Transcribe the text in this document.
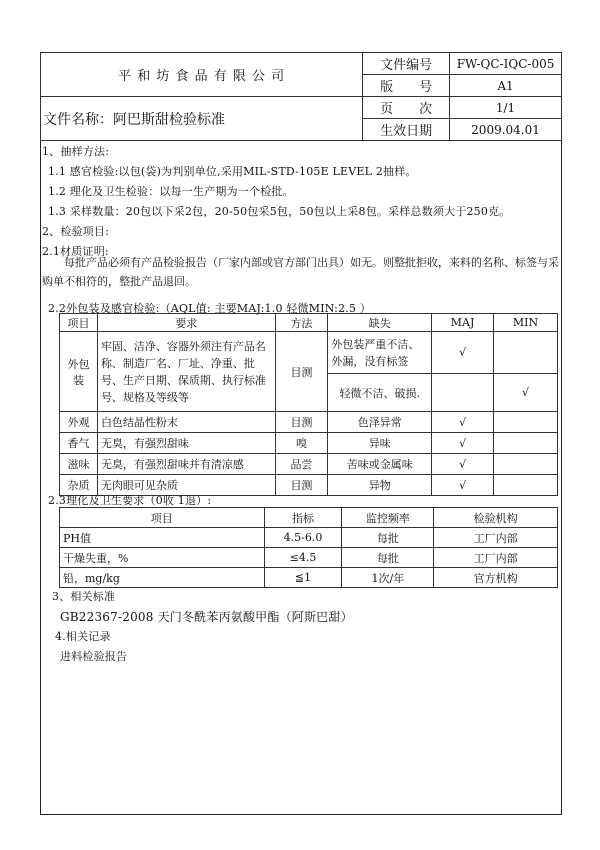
平 和 坊 食 品 有 限 公 司	文件编号	FW-QC-IQC-005
	版　　号	A1
文件名称：阿巴斯甜检验标准	页　　次	1/1
	生效日期	2009.04.01
1、抽样方法:
1.1 感官检验:以包(袋)为判别单位,采用MIL-STD-105E LEVEL 2抽样。
1.2 理化及卫生检验：以每一生产期为一个检批。
1.3 采样数量：20包以下采2包，20-50包采5包，50包以上采8包。采样总数须大于250克。
2、检验项目:
2.1材质证明:
每批产品必须有产品检验报告（厂家内部或官方部门出具）如无。则整批拒收，来料的名称、标签与采购单不相符的，整批产品退回。
2.2外包装及感官检验:（AQL值: 主要MAJ:1.0 轻微MIN:2.5 ）
项目	要求	方法	缺失	MAJ	MIN
外包装	牢固、洁净、容器外须注有产品名称、制造厂名、厂址、净重、批号、生产日期、保质期、执行标准号、规格及等级等	目测	外包装严重不洁、外漏，没有标签	√	
			轻微不洁、破损.		√
外观	白色结晶性粉末	目测	色泽异常	√	
香气	无臭，有强烈甜味	嗅	异味	√	
滋味	无臭，有强烈甜味并有清凉感	品尝	苦味或金属味	√	
杂质	无肉眼可见杂质	目测	异物	√	
2.3理化及卫生要求（0收 1退）:
项目	指标	监控频率	检验机构
PH值	4.5-6.0	每批	工厂内部
干燥失重，%	≤4.5	每批	工厂内部
铅，mg/kg	≦1	1次/年	官方机构
3、相关标准
GB22367-2008 天门冬酰苯丙氨酸甲酯（阿斯巴甜）
4.相关记录
进料检验报告
